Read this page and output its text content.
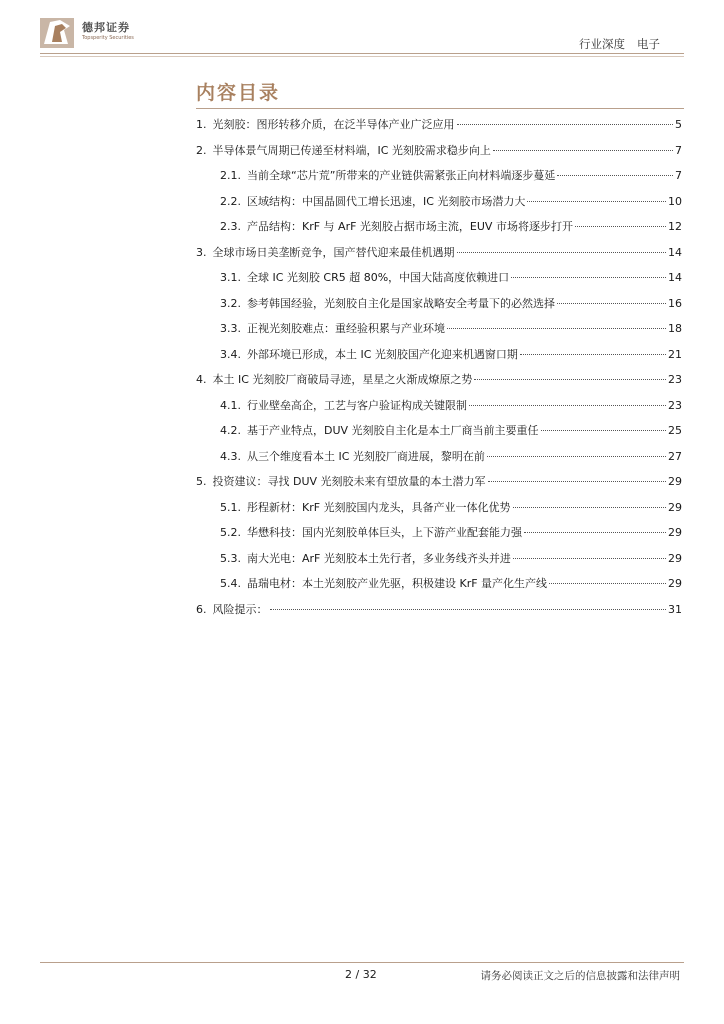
德邦证券
Topsperity Securities	行业深度 电子
内容目录
1. 光刻胶：图形转移介质，在泛半导体产业广泛应用	5
2. 半导体景气周期已传递至材料端，IC 光刻胶需求稳步向上	7
2.1. 当前全球“芯片荒”所带来的产业链供需紧张正向材料端逐步蔓延	7
2.2. 区域结构：中国晶圆代工增长迅速，IC 光刻胶市场潜力大	10
2.3. 产品结构：KrF 与 ArF 光刻胶占据市场主流，EUV 市场将逐步打开	12
3. 全球市场日美垄断竞争，国产替代迎来最佳机遇期	14
3.1. 全球 IC 光刻胶 CR5 超 80%，中国大陆高度依赖进口	14
3.2. 参考韩国经验，光刻胶自主化是国家战略安全考量下的必然选择	16
3.3. 正视光刻胶难点：重经验积累与产业环境	18
3.4. 外部环境已形成，本土 IC 光刻胶国产化迎来机遇窗口期	21
4. 本土 IC 光刻胶厂商破局寻迹，星星之火渐成燎原之势	23
4.1. 行业壁垒高企，工艺与客户验证构成关键限制	23
4.2. 基于产业特点，DUV 光刻胶自主化是本土厂商当前主要重任	25
4.3. 从三个维度看本土 IC 光刻胶厂商进展，黎明在前	27
5. 投资建议：寻找 DUV 光刻胶未来有望放量的本土潜力军	29
5.1. 彤程新材：KrF 光刻胶国内龙头，具备产业一体化优势	29
5.2. 华懋科技：国内光刻胶单体巨头，上下游产业配套能力强	29
5.3. 南大光电：ArF 光刻胶本土先行者，多业务线齐头并进	29
5.4. 晶瑞电材：本土光刻胶产业先驱，积极建设 KrF 量产化生产线	29
6. 风险提示：	31
2 / 32	请务必阅读正文之后的信息披露和法律声明
